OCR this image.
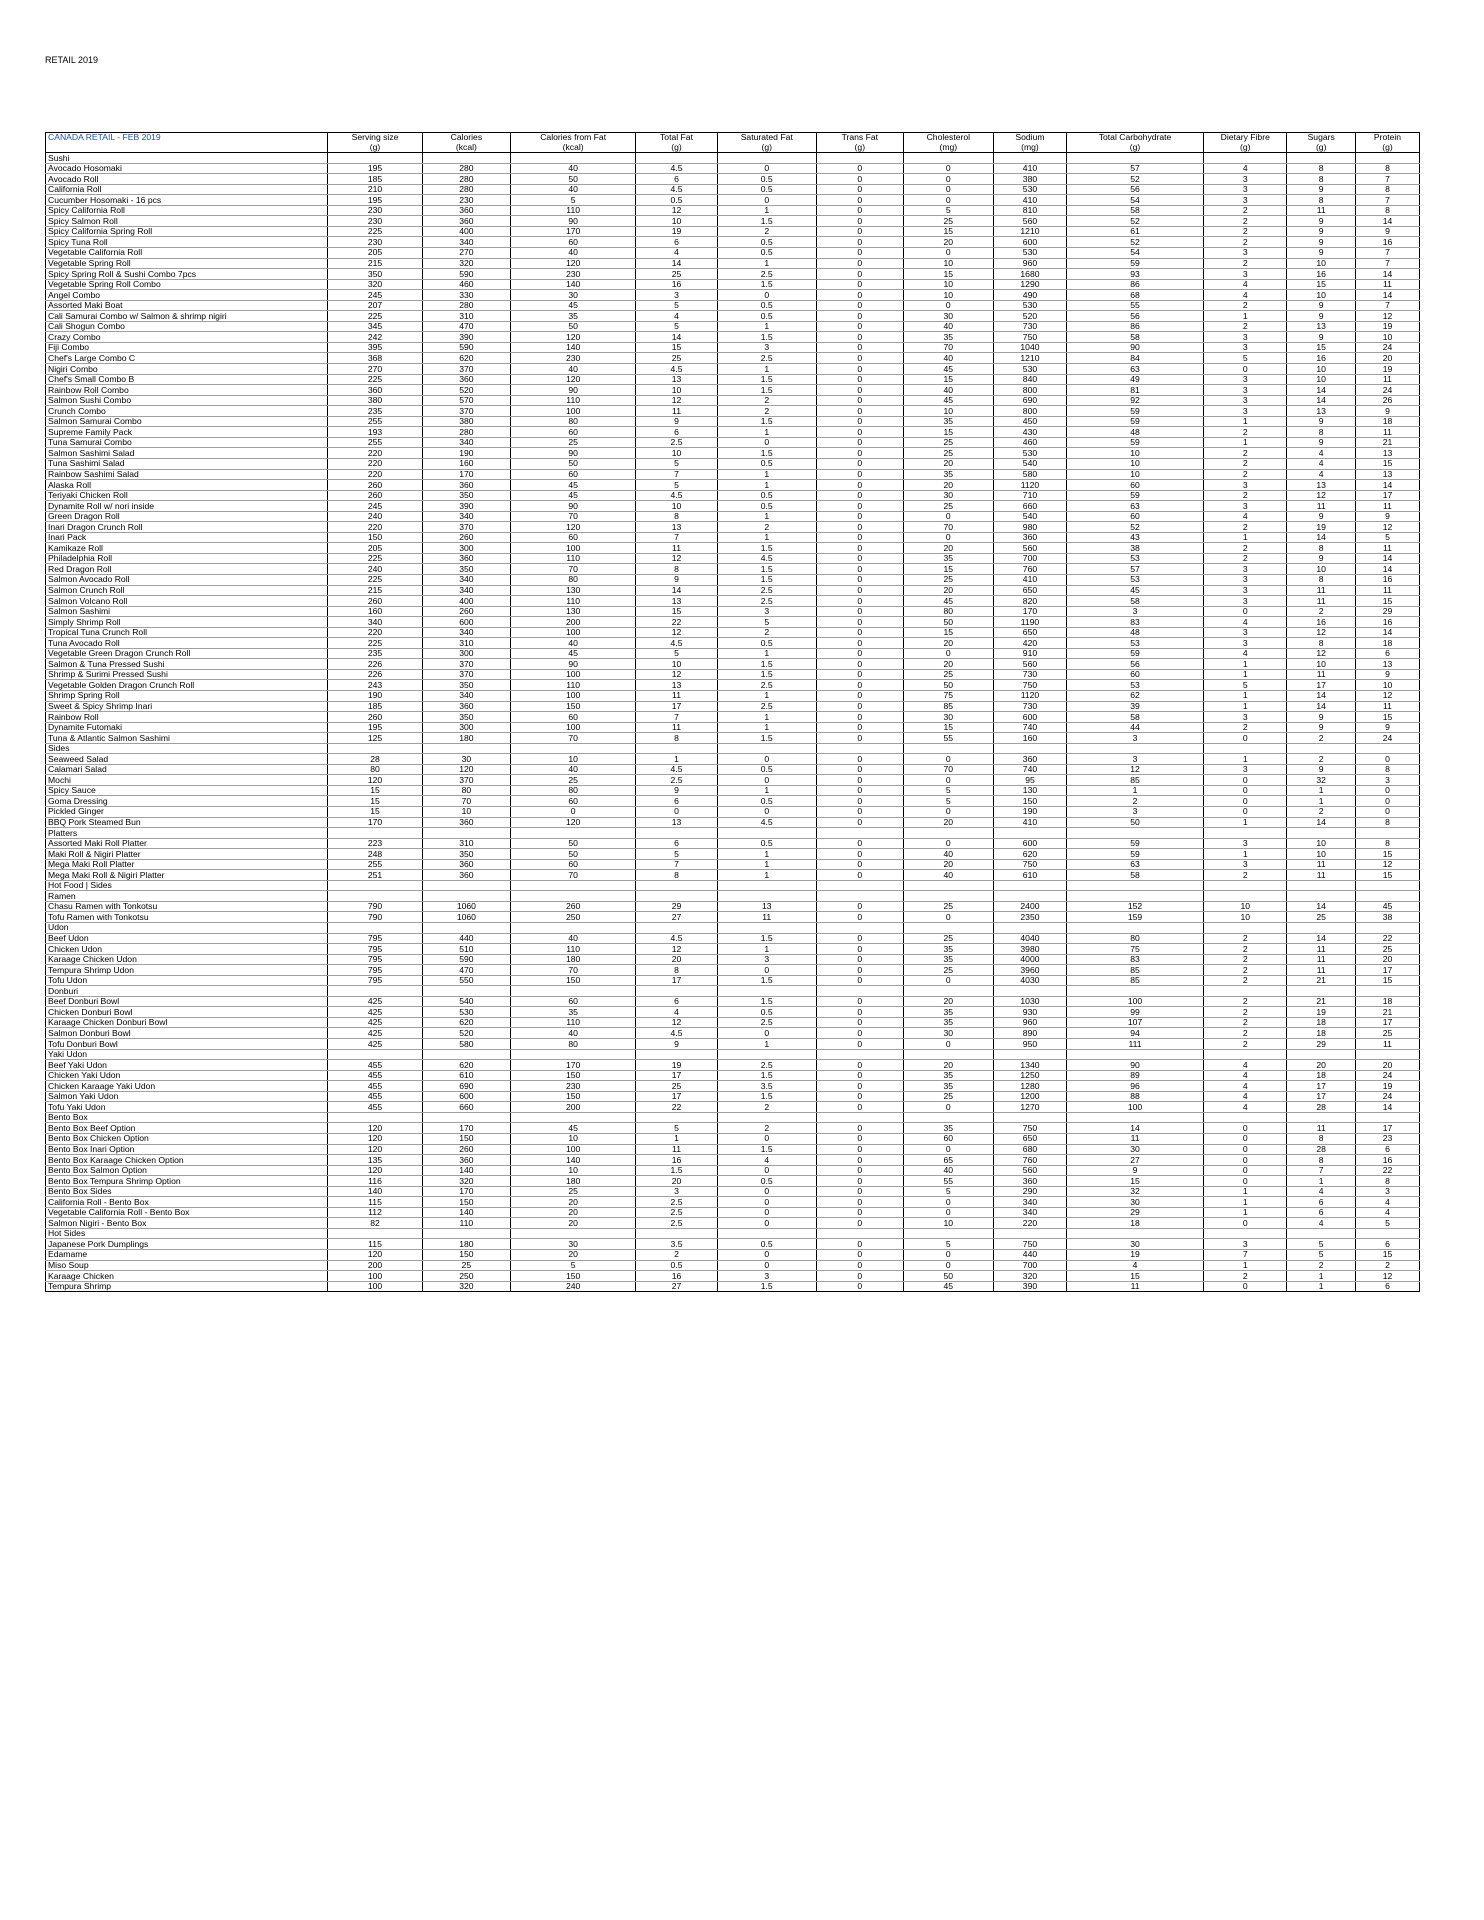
RETAIL 2019
CANADA RETAIL - FEB 2019	Serving size	Calories	Calories from Fat	Total Fat	Saturated Fat	Trans Fat	Cholesterol	Sodium	Total Carbohydrate	Dietary Fibre	Sugars	Protein
	(g)	(kcal)	(kcal)	(g)	(g)	(g)	(mg)	(mg)	(g)	(g)	(g)	(g)
Sushi												
Avocado Hosomaki	195	280	40	4.5	0	0	0	410	57	4	8	8
Avocado Roll	185	280	50	6	0.5	0	0	380	52	3	8	7
California Roll	210	280	40	4.5	0.5	0	0	530	56	3	9	8
Cucumber Hosomaki - 16 pcs	195	230	5	0.5	0	0	0	410	54	3	8	7
Spicy California Roll	230	360	110	12	1	0	5	810	58	2	11	8
Spicy Salmon Roll	230	360	90	10	1.5	0	25	560	52	2	9	14
Spicy California Spring Roll	225	400	170	19	2	0	15	1210	61	2	9	9
Spicy Tuna Roll	230	340	60	6	0.5	0	20	600	52	2	9	16
Vegetable California Roll	205	270	40	4	0.5	0	0	530	54	3	9	7
Vegetable Spring Roll	215	320	120	14	1	0	10	960	59	2	10	7
Spicy Spring Roll & Sushi Combo 7pcs	350	590	230	25	2.5	0	15	1680	93	3	16	14
Vegetable Spring Roll Combo	320	460	140	16	1.5	0	10	1290	86	4	15	11
Angel Combo	245	330	30	3	0	0	10	490	68	4	10	14
Assorted Maki Boat	207	280	45	5	0.5	0	0	530	55	2	9	7
Cali Samurai Combo w/ Salmon & shrimp nigiri	225	310	35	4	0.5	0	30	520	56	1	9	12
Cali Shogun Combo	345	470	50	5	1	0	40	730	86	2	13	19
Crazy Combo	242	390	120	14	1.5	0	35	750	58	3	9	10
Fiji Combo	395	590	140	15	3	0	70	1040	90	3	15	24
Chef's Large Combo C	368	620	230	25	2.5	0	40	1210	84	5	16	20
Nigiri Combo	270	370	40	4.5	1	0	45	530	63	0	10	19
Chef's Small Combo B	225	360	120	13	1.5	0	15	840	49	3	10	11
Rainbow Roll Combo	360	520	90	10	1.5	0	40	800	81	3	14	24
Salmon Sushi Combo	380	570	110	12	2	0	45	690	92	3	14	26
Crunch Combo	235	370	100	11	2	0	10	800	59	3	13	9
Salmon Samurai Combo	255	380	80	9	1.5	0	35	450	59	1	9	18
Supreme Family Pack	193	280	60	6	1	0	15	430	48	2	8	11
Tuna Samurai Combo	255	340	25	2.5	0	0	25	460	59	1	9	21
Salmon Sashimi Salad	220	190	90	10	1.5	0	25	530	10	2	4	13
Tuna Sashimi Salad	220	160	50	5	0.5	0	20	540	10	2	4	15
Rainbow Sashimi Salad	220	170	60	7	1	0	35	580	10	2	4	13
Alaska Roll	260	360	45	5	1	0	20	1120	60	3	13	14
Teriyaki Chicken Roll	260	350	45	4.5	0.5	0	30	710	59	2	12	17
Dynamite Roll w/ nori inside	245	390	90	10	0.5	0	25	660	63	3	11	11
Green Dragon Roll	240	340	70	8	1	0	0	540	60	4	9	9
Inari Dragon Crunch Roll	220	370	120	13	2	0	70	980	52	2	19	12
Inari Pack	150	260	60	7	1	0	0	360	43	1	14	5
Kamikaze Roll	205	300	100	11	1.5	0	20	560	38	2	8	11
Philadelphia Roll	225	360	110	12	4.5	0	35	700	53	2	9	14
Red Dragon Roll	240	350	70	8	1.5	0	15	760	57	3	10	14
Salmon Avocado Roll	225	340	80	9	1.5	0	25	410	53	3	8	16
Salmon Crunch Roll	215	340	130	14	2.5	0	20	650	45	3	11	11
Salmon Volcano Roll	260	400	110	13	2.5	0	45	820	58	3	11	15
Salmon Sashimi	160	260	130	15	3	0	80	170	3	0	2	29
Simply Shrimp Roll	340	600	200	22	5	0	50	1190	83	4	16	16
Tropical Tuna Crunch Roll	220	340	100	12	2	0	15	650	48	3	12	14
Tuna Avocado Roll	225	310	40	4.5	0.5	0	20	420	53	3	8	18
Vegetable Green Dragon Crunch Roll	235	300	45	5	1	0	0	910	59	4	12	6
Salmon & Tuna Pressed Sushi	226	370	90	10	1.5	0	20	560	56	1	10	13
Shrimp & Surimi Pressed Sushi	226	370	100	12	1.5	0	25	730	60	1	11	9
Vegetable Golden Dragon Crunch Roll	243	350	110	13	2.5	0	50	750	53	5	17	10
Shrimp Spring Roll	190	340	100	11	1	0	75	1120	62	1	14	12
Sweet & Spicy Shrimp Inari	185	360	150	17	2.5	0	85	730	39	1	14	11
Rainbow Roll	260	350	60	7	1	0	30	600	58	3	9	15
Dynamite Futomaki	195	300	100	11	1	0	15	740	44	2	9	9
Tuna & Atlantic Salmon Sashimi	125	180	70	8	1.5	0	55	160	3	0	2	24
Sides												
Seaweed Salad	28	30	10	1	0	0	0	360	3	1	2	0
Calamari Salad	80	120	40	4.5	0.5	0	70	740	12	3	9	8
Mochi	120	370	25	2.5	0	0	0	95	85	0	32	3
Spicy Sauce	15	80	80	9	1	0	5	130	1	0	1	0
Goma Dressing	15	70	60	6	0.5	0	5	150	2	0	1	0
Pickled Ginger	15	10	0	0	0	0	0	190	3	0	2	0
BBQ Pork Steamed Bun	170	360	120	13	4.5	0	20	410	50	1	14	8
Platters												
Assorted Maki Roll Platter	223	310	50	6	0.5	0	0	600	59	3	10	8
Maki Roll & Nigiri Platter	248	350	50	5	1	0	40	620	59	1	10	15
Mega Maki Roll Platter	255	360	60	7	1	0	20	750	63	3	11	12
Mega Maki Roll & Nigiri Platter	251	360	70	8	1	0	40	610	58	2	11	15
Hot Food | Sides												
Ramen												
Chasu Ramen with Tonkotsu	790	1060	260	29	13	0	25	2400	152	10	14	45
Tofu Ramen with Tonkotsu	790	1060	250	27	11	0	0	2350	159	10	25	38
Udon												
Beef Udon	795	440	40	4.5	1.5	0	25	4040	80	2	14	22
Chicken Udon	795	510	110	12	1	0	35	3980	75	2	11	25
Karaage Chicken Udon	795	590	180	20	3	0	35	4000	83	2	11	20
Tempura Shrimp Udon	795	470	70	8	0	0	25	3960	85	2	11	17
Tofu Udon	795	550	150	17	1.5	0	0	4030	85	2	21	15
Donburi												
Beef Donburi Bowl	425	540	60	6	1.5	0	20	1030	100	2	21	18
Chicken Donburi Bowl	425	530	35	4	0.5	0	35	930	99	2	19	21
Karaage Chicken Donburi Bowl	425	620	110	12	2.5	0	35	960	107	2	18	17
Salmon Donburi Bowl	425	520	40	4.5	0	0	30	890	94	2	18	25
Tofu Donburi Bowl	425	580	80	9	1	0	0	950	111	2	29	11
Yaki Udon												
Beef Yaki Udon	455	620	170	19	2.5	0	20	1340	90	4	20	20
Chicken Yaki Udon	455	610	150	17	1.5	0	35	1250	89	4	18	24
Chicken Karaage Yaki Udon	455	690	230	25	3.5	0	35	1280	96	4	17	19
Salmon Yaki Udon	455	600	150	17	1.5	0	25	1200	88	4	17	24
Tofu Yaki Udon	455	660	200	22	2	0	0	1270	100	4	28	14
Bento Box												
Bento Box Beef Option	120	170	45	5	2	0	35	750	14	0	11	17
Bento Box Chicken Option	120	150	10	1	0	0	60	650	11	0	8	23
Bento Box Inari Option	120	260	100	11	1.5	0	0	680	30	0	28	6
Bento Box Karaage Chicken Option	135	360	140	16	4	0	65	760	27	0	8	16
Bento Box Salmon Option	120	140	10	1.5	0	0	40	560	9	0	7	22
Bento Box Tempura Shrimp Option	116	320	180	20	0.5	0	55	360	15	0	1	8
Bento Box Sides	140	170	25	3	0	0	5	290	32	1	4	3
California Roll - Bento Box	115	150	20	2.5	0	0	0	340	30	1	6	4
Vegetable California Roll - Bento Box	112	140	20	2.5	0	0	0	340	29	1	6	4
Salmon Nigiri - Bento Box	82	110	20	2.5	0	0	10	220	18	0	4	5
Hot Sides												
Japanese Pork Dumplings	115	180	30	3.5	0.5	0	5	750	30	3	5	6
Edamame	120	150	20	2	0	0	0	440	19	7	5	15
Miso Soup	200	25	5	0.5	0	0	0	700	4	1	2	2
Karaage Chicken	100	250	150	16	3	0	50	320	15	2	1	12
Tempura Shrimp	100	320	240	27	1.5	0	45	390	11	0	1	6
